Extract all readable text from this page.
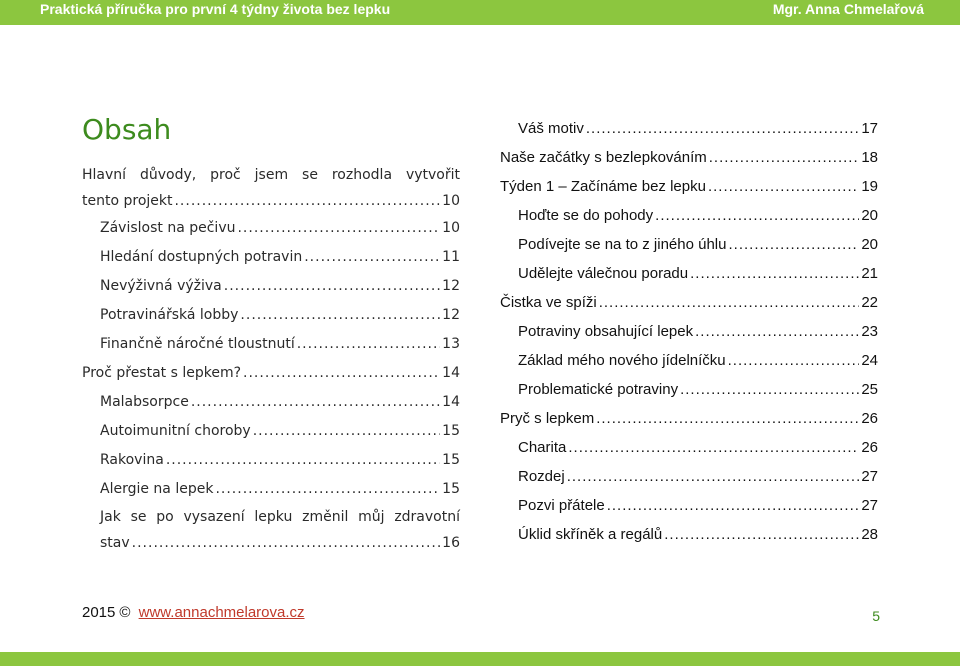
Praktická příručka pro první 4 týdny života bez lepku	Mgr. Anna Chmelařová
Obsah
Hlavní důvody, proč jsem se rozhodla vytvořit
tento projekt .....	10
Závislost na pečivu .....	10
Hledání dostupných potravin .....	11
Nevýživná výživa .....	12
Potravinářská lobby .....	12
Finančně náročné tloustnutí .....	13
Proč přestat s lepkem? .....	14
Malabsorpce .....	14
Autoimunitní choroby .....	15
Rakovina .....	15
Alergie na lepek .....	15
Jak se po vysazení lepku změnil můj zdravotní
stav .....	16
Váš motiv .....	17
Naše začátky s bezlepkováním .....	18
Týden 1 – Začínáme bez lepku .....	19
Hoďte se do pohody .....	20
Podívejte se na to z jiného úhlu .....	20
Udělejte válečnou poradu .....	21
Čistka ve spíži .....	22
Potraviny obsahující lepek .....	23
Základ mého nového jídelníčku .....	24
Problematické potraviny .....	25
Pryč s lepkem .....	26
Charita .....	26
Rozdej .....	27
Pozvi přátele .....	27
Úklid skříněk a regálů .....	28
2015 © www.annachmelarova.cz	5
